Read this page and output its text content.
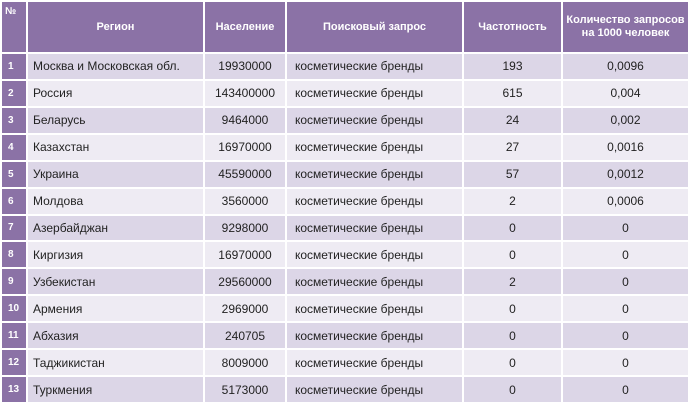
№	Регион	Население	Поисковый запрос	Частотность	Количество запросов на 1000 человек
1	Москва и Московская обл.	19930000	косметические бренды	193	0,0096
2	Россия	143400000	косметические бренды	615	0,004
3	Беларусь	9464000	косметические бренды	24	0,002
4	Казахстан	16970000	косметические бренды	27	0,0016
5	Украина	45590000	косметические бренды	57	0,0012
6	Молдова	3560000	косметические бренды	2	0,0006
7	Азербайджан	9298000	косметические бренды	0	0
8	Киргизия	16970000	косметические бренды	0	0
9	Узбекистан	29560000	косметические бренды	2	0
10	Армения	2969000	косметические бренды	0	0
11	Абхазия	240705	косметические бренды	0	0
12	Таджикистан	8009000	косметические бренды	0	0
13	Туркмения	5173000	косметические бренды	0	0
